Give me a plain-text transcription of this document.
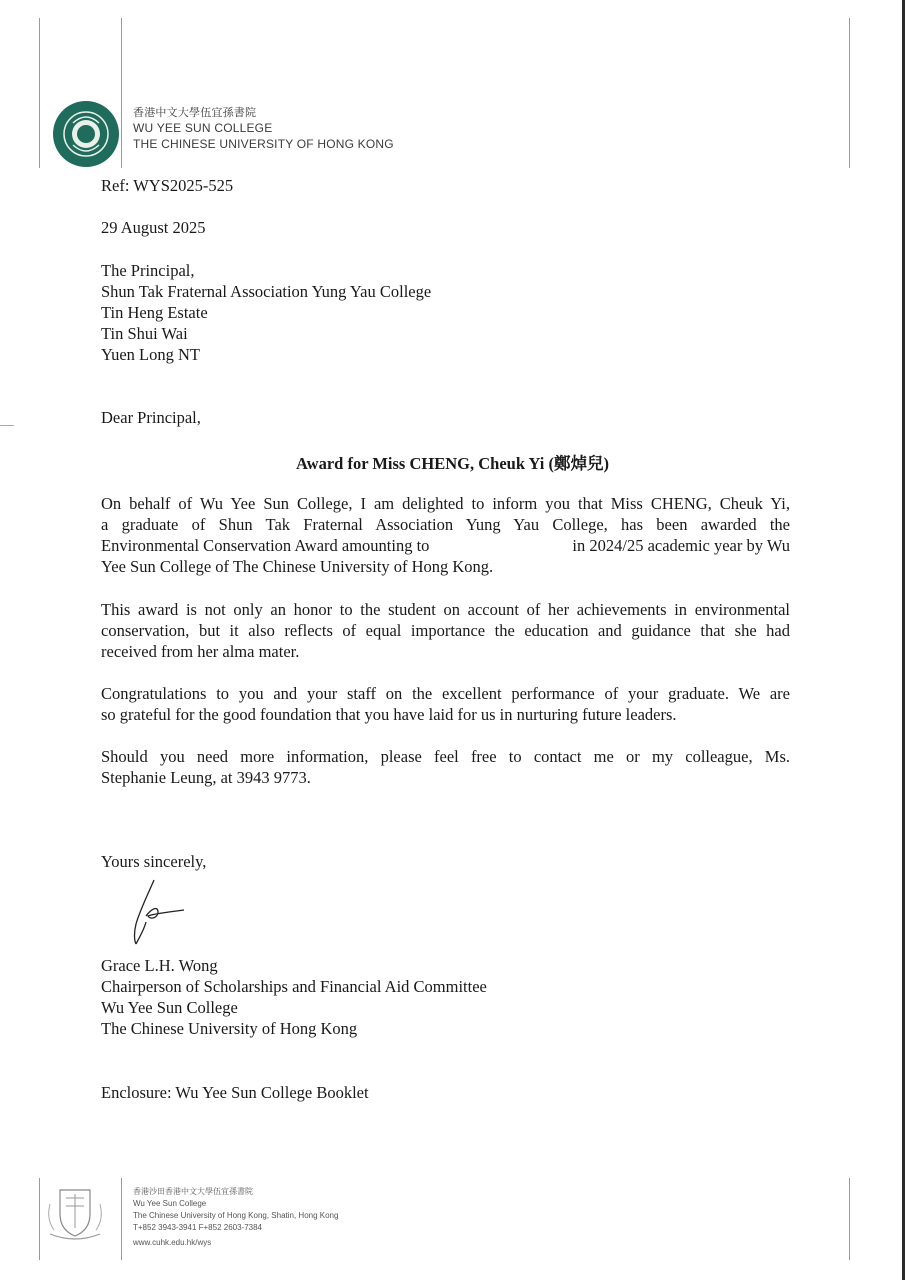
香港中文大學伍宜孫書院
WU YEE SUN COLLEGE
THE CHINESE UNIVERSITY OF HONG KONG
Ref: WYS2025-525
29 August 2025
The Principal,
Shun Tak Fraternal Association Yung Yau College
Tin Heng Estate
Tin Shui Wai
Yuen Long NT
Dear Principal,
Award for Miss CHENG, Cheuk Yi (鄭焯兒)
On behalf of Wu Yee Sun College, I am delighted to inform you that Miss CHENG, Cheuk Yi,
a graduate of Shun Tak Fraternal Association Yung Yau College, has been awarded the
Environmental Conservation Award amounting to	in 2024/25 academic year by Wu
Yee Sun College of The Chinese University of Hong Kong.
This award is not only an honor to the student on account of her achievements in environmental
conservation, but it also reflects of equal importance the education and guidance that she had
received from her alma mater.
Congratulations to you and your staff on the excellent performance of your graduate. We are
so grateful for the good foundation that you have laid for us in nurturing future leaders.
Should you need more information, please feel free to contact me or my colleague, Ms.
Stephanie Leung, at 3943 9773.
Yours sincerely,
Grace L.H. Wong
Chairperson of Scholarships and Financial Aid Committee
Wu Yee Sun College
The Chinese University of Hong Kong
Enclosure: Wu Yee Sun College Booklet
香港沙田香港中文大學伍宜孫書院
Wu Yee Sun College
The Chinese University of Hong Kong, Shatin, Hong Kong
T+852 3943-3941 F+852 2603-7384
www.cuhk.edu.hk/wys
